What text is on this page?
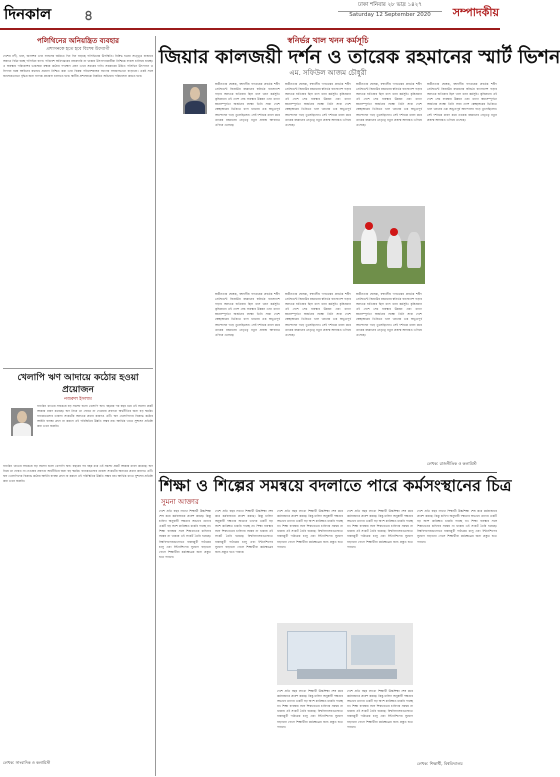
দিনকাল ৪
ঢাকা শনিবার ২৮ ভাদ্র ১৪২৭
Saturday 12 September 2020	সম্পাদকীয়
পলিথিনের অনিয়ন্ত্রিত ব্যবহার
প্রশাসনকে হতে হবে বিশেষ উদ্যোগী
দেশের নদী, খাল, জলাশয় এবং ফসলের জমিতে দিন দিন বাড়ছে পলিথিনের উপস্থিতি। নিষিদ্ধ হওয়া সত্ত্বেও বাজারে অবাধে বিক্রি হচ্ছে পলিথিন ব্যাগ। পরিবেশ অধিদপ্তরের নজরদারি না থাকায় উৎপাদনকারীরা নিশ্চিন্তে ব্যবসা চালিয়ে যাচ্ছে। এ অবস্থায় পরিবেশের ভারসাম্য রক্ষায় কঠোর পদক্ষেপ গ্রহণ এখন সময়ের দাবি। সরকারের উচিত পলিথিন উৎপাদন ও বিপণন বন্ধে আইনের যথাযথ প্রয়োগ নিশ্চিত করা এবং বিকল্প পরিবেশবান্ধব ব্যাগের সহজলভ্যতা বাড়ানো। একই সঙ্গে জনসচেতনতা বৃদ্ধির জন্য ব্যাপক প্রচারণা চালাতে হবে। স্থানীয় প্রশাসনকে নিয়মিত অভিযান পরিচালনা করতে হবে।
খেলাপি ঋণ আদায়ে কঠোর হওয়া প্রয়োজন
নজরুল ইসলাম
ব্যাংকিং খাতের সবচেয়ে বড় সমস্যা হলো খেলাপি ঋণ। বছরের পর বছর ধরে এই সমস্যা প্রকট আকার ধারণ করেছে। ঋণ নিয়ে তা ফেরত না দেওয়ার প্রবণতা অর্থনীতির জন্য বড় হুমকি। ব্যাংকগুলোর তারল্য সংকটের অন্যতম প্রধান কারণও এটি। ঋণ খেলাপিদের বিরুদ্ধে কঠোর আইনি ব্যবস্থা গ্রহণ না করলে এই পরিস্থিতির উন্নতি সম্ভব নয়। আর্থিক খাতে সুশাসন প্রতিষ্ঠা করা এখন জরুরি।
ব্যাংকিং খাতের সবচেয়ে বড় সমস্যা হলো খেলাপি ঋণ। বছরের পর বছর ধরে এই সমস্যা প্রকট আকার ধারণ করেছে। ঋণ নিয়ে তা ফেরত না দেওয়ার প্রবণতা অর্থনীতির জন্য বড় হুমকি। ব্যাংকগুলোর তারল্য সংকটের অন্যতম প্রধান কারণও এটি। ঋণ খেলাপিদের বিরুদ্ধে কঠোর আইনি ব্যবস্থা গ্রহণ না করলে এই পরিস্থিতির উন্নতি সম্ভব নয়। আর্থিক খাতে সুশাসন প্রতিষ্ঠা করা এখন জরুরি।
লেখক: সাংবাদিক ও কলামিস্ট
স্বনির্ভর খাল খনন কর্মসূচি
জিয়ার কালজয়ী দর্শন ও তারেক রহমানের স্মার্ট ভিশন
এম. সফিউল আজম চৌধুরী
স্বাধীনতার ঘোষক, বহুদলীয় গণতন্ত্রের প্রবর্তক শহীদ প্রেসিডেন্ট জিয়াউর রহমানের স্বনির্ভর বাংলাদেশ গড়ার অন্যতম হাতিয়ার ছিল খাল খনন কর্মসূচি। কৃষিপ্রধান এই দেশে সেচ ব্যবস্থার উন্নয়ন এবং খাদ্যে স্বয়ংসম্পূর্ণতা অর্জনের লক্ষ্যে তিনি সারা দেশে স্বেচ্ছাশ্রমের ভিত্তিতে খাল খননের এক অভূতপূর্ব আন্দোলন গড়ে তুলেছিলেন। সেই দর্শনকে ধারণ করে তারেক রহমানের নেতৃত্বে নতুন প্রজন্ম আবারও এগিয়ে এসেছে।
স্বাধীনতার ঘোষক, বহুদলীয় গণতন্ত্রের প্রবর্তক শহীদ প্রেসিডেন্ট জিয়াউর রহমানের স্বনির্ভর বাংলাদেশ গড়ার অন্যতম হাতিয়ার ছিল খাল খনন কর্মসূচি। কৃষিপ্রধান এই দেশে সেচ ব্যবস্থার উন্নয়ন এবং খাদ্যে স্বয়ংসম্পূর্ণতা অর্জনের লক্ষ্যে তিনি সারা দেশে স্বেচ্ছাশ্রমের ভিত্তিতে খাল খননের এক অভূতপূর্ব আন্দোলন গড়ে তুলেছিলেন। সেই দর্শনকে ধারণ করে তারেক রহমানের নেতৃত্বে নতুন প্রজন্ম আবারও এগিয়ে এসেছে।
স্বাধীনতার ঘোষক, বহুদলীয় গণতন্ত্রের প্রবর্তক শহীদ প্রেসিডেন্ট জিয়াউর রহমানের স্বনির্ভর বাংলাদেশ গড়ার অন্যতম হাতিয়ার ছিল খাল খনন কর্মসূচি। কৃষিপ্রধান এই দেশে সেচ ব্যবস্থার উন্নয়ন এবং খাদ্যে স্বয়ংসম্পূর্ণতা অর্জনের লক্ষ্যে তিনি সারা দেশে স্বেচ্ছাশ্রমের ভিত্তিতে খাল খননের এক অভূতপূর্ব আন্দোলন গড়ে তুলেছিলেন। সেই দর্শনকে ধারণ করে তারেক রহমানের নেতৃত্বে নতুন প্রজন্ম আবারও এগিয়ে এসেছে।
স্বাধীনতার ঘোষক, বহুদলীয় গণতন্ত্রের প্রবর্তক শহীদ প্রেসিডেন্ট জিয়াউর রহমানের স্বনির্ভর বাংলাদেশ গড়ার অন্যতম হাতিয়ার ছিল খাল খনন কর্মসূচি। কৃষিপ্রধান এই দেশে সেচ ব্যবস্থার উন্নয়ন এবং খাদ্যে স্বয়ংসম্পূর্ণতা অর্জনের লক্ষ্যে তিনি সারা দেশে স্বেচ্ছাশ্রমের ভিত্তিতে খাল খননের এক অভূতপূর্ব আন্দোলন গড়ে তুলেছিলেন। সেই দর্শনকে ধারণ করে তারেক রহমানের নেতৃত্বে নতুন প্রজন্ম আবারও এগিয়ে এসেছে।
স্বাধীনতার ঘোষক, বহুদলীয় গণতন্ত্রের প্রবর্তক শহীদ প্রেসিডেন্ট জিয়াউর রহমানের স্বনির্ভর বাংলাদেশ গড়ার অন্যতম হাতিয়ার ছিল খাল খনন কর্মসূচি। কৃষিপ্রধান এই দেশে সেচ ব্যবস্থার উন্নয়ন এবং খাদ্যে স্বয়ংসম্পূর্ণতা অর্জনের লক্ষ্যে তিনি সারা দেশে স্বেচ্ছাশ্রমের ভিত্তিতে খাল খননের এক অভূতপূর্ব আন্দোলন গড়ে তুলেছিলেন। সেই দর্শনকে ধারণ করে তারেক রহমানের নেতৃত্বে নতুন প্রজন্ম আবারও এগিয়ে এসেছে।
স্বাধীনতার ঘোষক, বহুদলীয় গণতন্ত্রের প্রবর্তক শহীদ প্রেসিডেন্ট জিয়াউর রহমানের স্বনির্ভর বাংলাদেশ গড়ার অন্যতম হাতিয়ার ছিল খাল খনন কর্মসূচি। কৃষিপ্রধান এই দেশে সেচ ব্যবস্থার উন্নয়ন এবং খাদ্যে স্বয়ংসম্পূর্ণতা অর্জনের লক্ষ্যে তিনি সারা দেশে স্বেচ্ছাশ্রমের ভিত্তিতে খাল খননের এক অভূতপূর্ব আন্দোলন গড়ে তুলেছিলেন। সেই দর্শনকে ধারণ করে তারেক রহমানের নেতৃত্বে নতুন প্রজন্ম আবারও এগিয়ে এসেছে।
স্বাধীনতার ঘোষক, বহুদলীয় গণতন্ত্রের প্রবর্তক শহীদ প্রেসিডেন্ট জিয়াউর রহমানের স্বনির্ভর বাংলাদেশ গড়ার অন্যতম হাতিয়ার ছিল খাল খনন কর্মসূচি। কৃষিপ্রধান এই দেশে সেচ ব্যবস্থার উন্নয়ন এবং খাদ্যে স্বয়ংসম্পূর্ণতা অর্জনের লক্ষ্যে তিনি সারা দেশে স্বেচ্ছাশ্রমের ভিত্তিতে খাল খননের এক অভূতপূর্ব আন্দোলন গড়ে তুলেছিলেন। সেই দর্শনকে ধারণ করে তারেক রহমানের নেতৃত্বে নতুন প্রজন্ম আবারও এগিয়ে এসেছে।
লেখক: রাজনীতিক ও কলামিস্ট
শিক্ষা ও শিল্পের সমন্বয়ে বদলাতে পারে কর্মসংস্থানের চিত্র
সুমনা আক্তার
দেশে প্রতি বছর লাখো শিক্ষার্থী উচ্চশিক্ষা শেষ করে কর্মবাজারে প্রবেশ করছে। কিন্তু চাহিদা অনুযায়ী দক্ষতার অভাবে তাদের একটি বড় অংশ কাঙ্ক্ষিত চাকরি পাচ্ছে না। শিক্ষা ব্যবস্থার সঙ্গে শিল্পখাতের চাহিদার সমন্বয় না থাকায় এই সংকট তৈরি হয়েছে। বিশ্ববিদ্যালয়গুলোতে বাস্তবমুখী পাঠ্যক্রম চালু এবং ইন্টার্নশিপের সুযোগ বাড়ানো গেলে শিক্ষার্থীরা কর্মক্ষেত্রের জন্য প্রস্তুত হতে পারবে।
দেশে প্রতি বছর লাখো শিক্ষার্থী উচ্চশিক্ষা শেষ করে কর্মবাজারে প্রবেশ করছে। কিন্তু চাহিদা অনুযায়ী দক্ষতার অভাবে তাদের একটি বড় অংশ কাঙ্ক্ষিত চাকরি পাচ্ছে না। শিক্ষা ব্যবস্থার সঙ্গে শিল্পখাতের চাহিদার সমন্বয় না থাকায় এই সংকট তৈরি হয়েছে। বিশ্ববিদ্যালয়গুলোতে বাস্তবমুখী পাঠ্যক্রম চালু এবং ইন্টার্নশিপের সুযোগ বাড়ানো গেলে শিক্ষার্থীরা কর্মক্ষেত্রের জন্য প্রস্তুত হতে পারবে।
দেশে প্রতি বছর লাখো শিক্ষার্থী উচ্চশিক্ষা শেষ করে কর্মবাজারে প্রবেশ করছে। কিন্তু চাহিদা অনুযায়ী দক্ষতার অভাবে তাদের একটি বড় অংশ কাঙ্ক্ষিত চাকরি পাচ্ছে না। শিক্ষা ব্যবস্থার সঙ্গে শিল্পখাতের চাহিদার সমন্বয় না থাকায় এই সংকট তৈরি হয়েছে। বিশ্ববিদ্যালয়গুলোতে বাস্তবমুখী পাঠ্যক্রম চালু এবং ইন্টার্নশিপের সুযোগ বাড়ানো গেলে শিক্ষার্থীরা কর্মক্ষেত্রের জন্য প্রস্তুত হতে পারবে।
দেশে প্রতি বছর লাখো শিক্ষার্থী উচ্চশিক্ষা শেষ করে কর্মবাজারে প্রবেশ করছে। কিন্তু চাহিদা অনুযায়ী দক্ষতার অভাবে তাদের একটি বড় অংশ কাঙ্ক্ষিত চাকরি পাচ্ছে না। শিক্ষা ব্যবস্থার সঙ্গে শিল্পখাতের চাহিদার সমন্বয় না থাকায় এই সংকট তৈরি হয়েছে। বিশ্ববিদ্যালয়গুলোতে বাস্তবমুখী পাঠ্যক্রম চালু এবং ইন্টার্নশিপের সুযোগ বাড়ানো গেলে শিক্ষার্থীরা কর্মক্ষেত্রের জন্য প্রস্তুত হতে পারবে।
দেশে প্রতি বছর লাখো শিক্ষার্থী উচ্চশিক্ষা শেষ করে কর্মবাজারে প্রবেশ করছে। কিন্তু চাহিদা অনুযায়ী দক্ষতার অভাবে তাদের একটি বড় অংশ কাঙ্ক্ষিত চাকরি পাচ্ছে না। শিক্ষা ব্যবস্থার সঙ্গে শিল্পখাতের চাহিদার সমন্বয় না থাকায় এই সংকট তৈরি হয়েছে। বিশ্ববিদ্যালয়গুলোতে বাস্তবমুখী পাঠ্যক্রম চালু এবং ইন্টার্নশিপের সুযোগ বাড়ানো গেলে শিক্ষার্থীরা কর্মক্ষেত্রের জন্য প্রস্তুত হতে পারবে।
দেশে প্রতি বছর লাখো শিক্ষার্থী উচ্চশিক্ষা শেষ করে কর্মবাজারে প্রবেশ করছে। কিন্তু চাহিদা অনুযায়ী দক্ষতার অভাবে তাদের একটি বড় অংশ কাঙ্ক্ষিত চাকরি পাচ্ছে না। শিক্ষা ব্যবস্থার সঙ্গে শিল্পখাতের চাহিদার সমন্বয় না থাকায় এই সংকট তৈরি হয়েছে। বিশ্ববিদ্যালয়গুলোতে বাস্তবমুখী পাঠ্যক্রম চালু এবং ইন্টার্নশিপের সুযোগ বাড়ানো গেলে শিক্ষার্থীরা কর্মক্ষেত্রের জন্য প্রস্তুত হতে পারবে।
দেশে প্রতি বছর লাখো শিক্ষার্থী উচ্চশিক্ষা শেষ করে কর্মবাজারে প্রবেশ করছে। কিন্তু চাহিদা অনুযায়ী দক্ষতার অভাবে তাদের একটি বড় অংশ কাঙ্ক্ষিত চাকরি পাচ্ছে না। শিক্ষা ব্যবস্থার সঙ্গে শিল্পখাতের চাহিদার সমন্বয় না থাকায় এই সংকট তৈরি হয়েছে। বিশ্ববিদ্যালয়গুলোতে বাস্তবমুখী পাঠ্যক্রম চালু এবং ইন্টার্নশিপের সুযোগ বাড়ানো গেলে শিক্ষার্থীরা কর্মক্ষেত্রের জন্য প্রস্তুত হতে পারবে।
লেখক: শিক্ষার্থী, বিশ্ববিদ্যালয়
